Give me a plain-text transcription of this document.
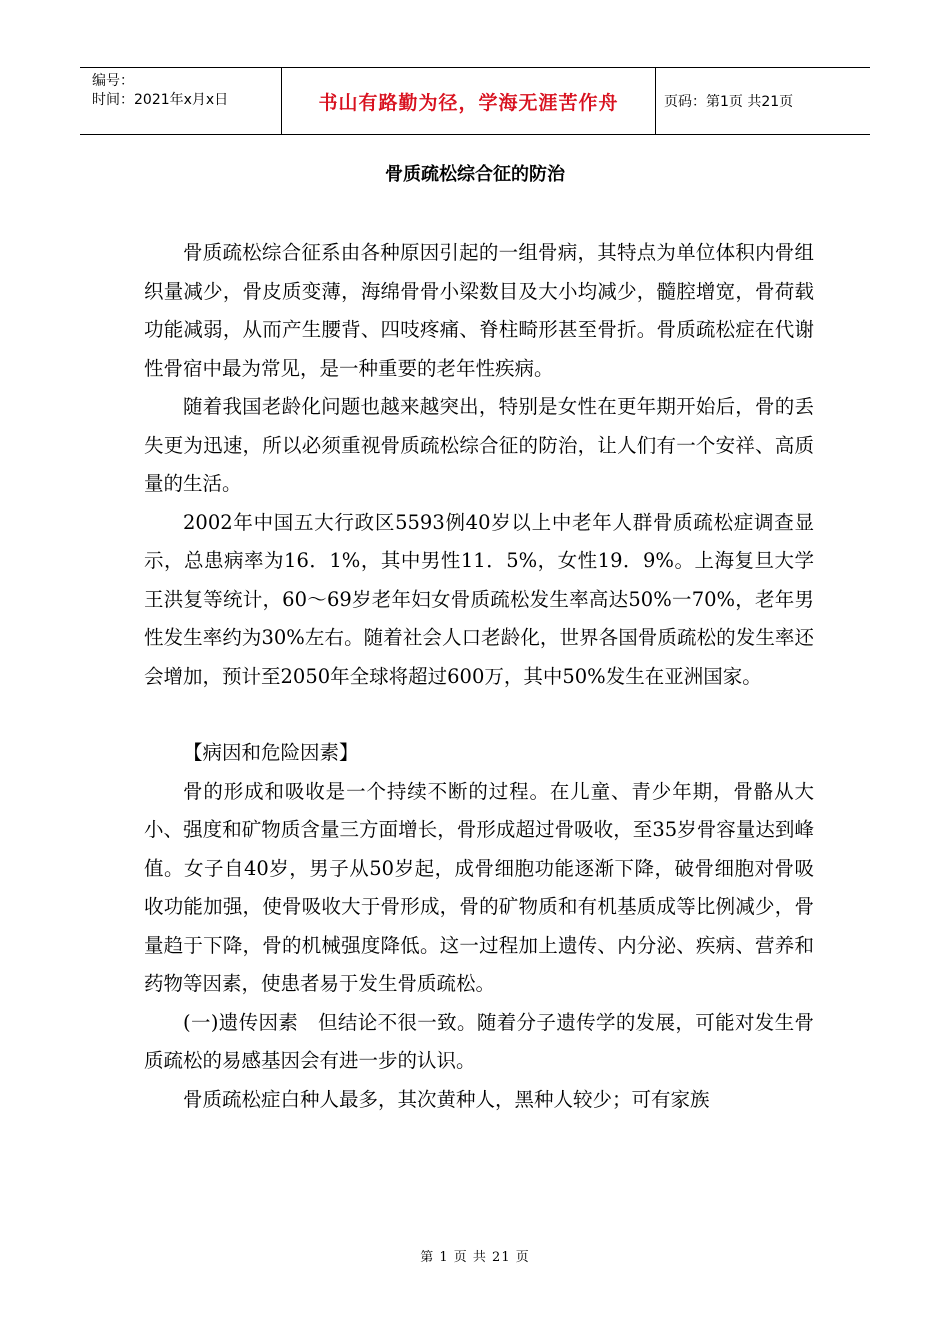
编号：
时间：2021年x月x日	书山有路勤为径，学海无涯苦作舟	页码：第1页 共21页
骨质疏松综合征的防治

骨质疏松综合征系由各种原因引起的一组骨病，其特点为单位体积内骨组织量减少，骨皮质变薄，海绵骨骨小梁数目及大小均减少，髓腔增宽，骨荷载功能减弱，从而产生腰背、四吱疼痛、脊柱畸形甚至骨折。骨质疏松症在代谢性骨宿中最为常见，是一种重要的老年性疾病。

随着我国老龄化问题也越来越突出，特别是女性在更年期开始后，骨的丢失更为迅速，所以必须重视骨质疏松综合征的防治，让人们有一个安祥、高质量的生活。

2002年中国五大行政区5593例40岁以上中老年人群骨质疏松症调查显示，总患病率为16．1%，其中男性11．5%，女性19．9%。上海复旦大学王洪复等统计，60～69岁老年妇女骨质疏松发生率高达50%一70%，老年男性发生率约为30%左右。随着社会人口老龄化，世界各国骨质疏松的发生率还会增加，预计至2050年全球将超过600万，其中50%发生在亚洲国家。

【病因和危险因素】

骨的形成和吸收是一个持续不断的过程。在儿童、青少年期，骨骼从大小、强度和矿物质含量三方面增长，骨形成超过骨吸收，至35岁骨容量达到峰值。女子自40岁，男子从50岁起，成骨细胞功能逐渐下降，破骨细胞对骨吸收功能加强，使骨吸收大于骨形成，骨的矿物质和有机基质成等比例减少，骨量趋于下降，骨的机械强度降低。这一过程加上遗传、内分泌、疾病、营养和药物等因素，使患者易于发生骨质疏松。

(一)遗传因素　但结论不很一致。随着分子遗传学的发展，可能对发生骨质疏松的易感基因会有进一步的认识。

骨质疏松症白种人最多，其次黄种人，黑种人较少；可有家族

第 1 页 共 21 页
